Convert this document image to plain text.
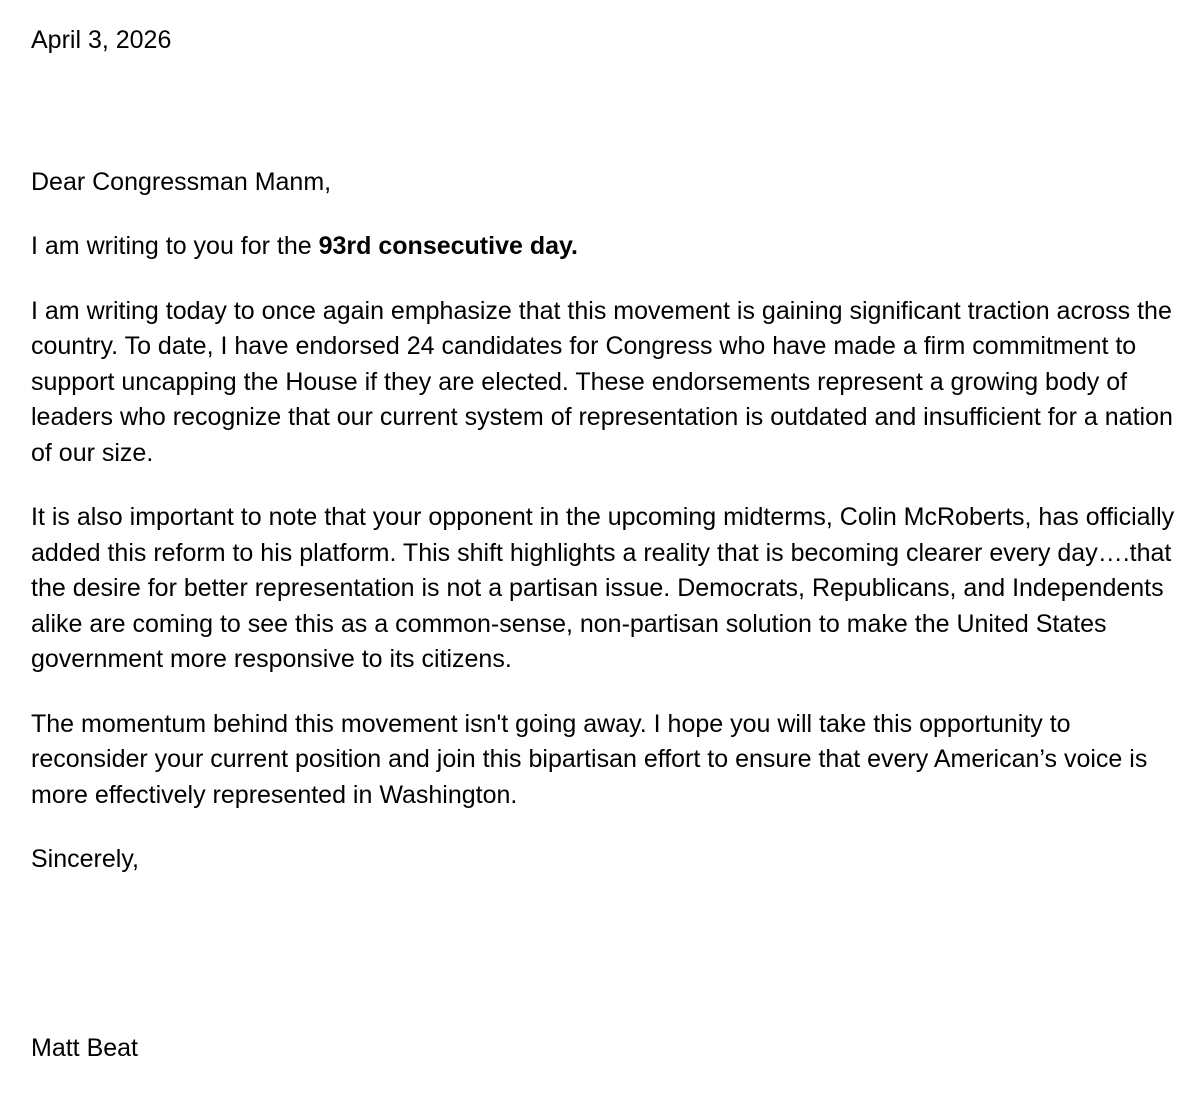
April 3, 2026

Dear Congressman Manm,

I am writing to you for the 93rd consecutive day.

I am writing today to once again emphasize that this movement is gaining significant traction across the country. To date, I have endorsed 24 candidates for Congress who have made a firm commitment to support uncapping the House if they are elected. These endorsements represent a growing body of leaders who recognize that our current system of representation is outdated and insufficient for a nation of our size.

It is also important to note that your opponent in the upcoming midterms, Colin McRoberts, has officially added this reform to his platform. This shift highlights a reality that is becoming clearer every day….that the desire for better representation is not a partisan issue. Democrats, Republicans, and Independents alike are coming to see this as a common-sense, non-partisan solution to make the United States government more responsive to its citizens.

The momentum behind this movement isn't going away. I hope you will take this opportunity to reconsider your current position and join this bipartisan effort to ensure that every American’s voice is more effectively represented in Washington.

Sincerely,

Matt Beat
